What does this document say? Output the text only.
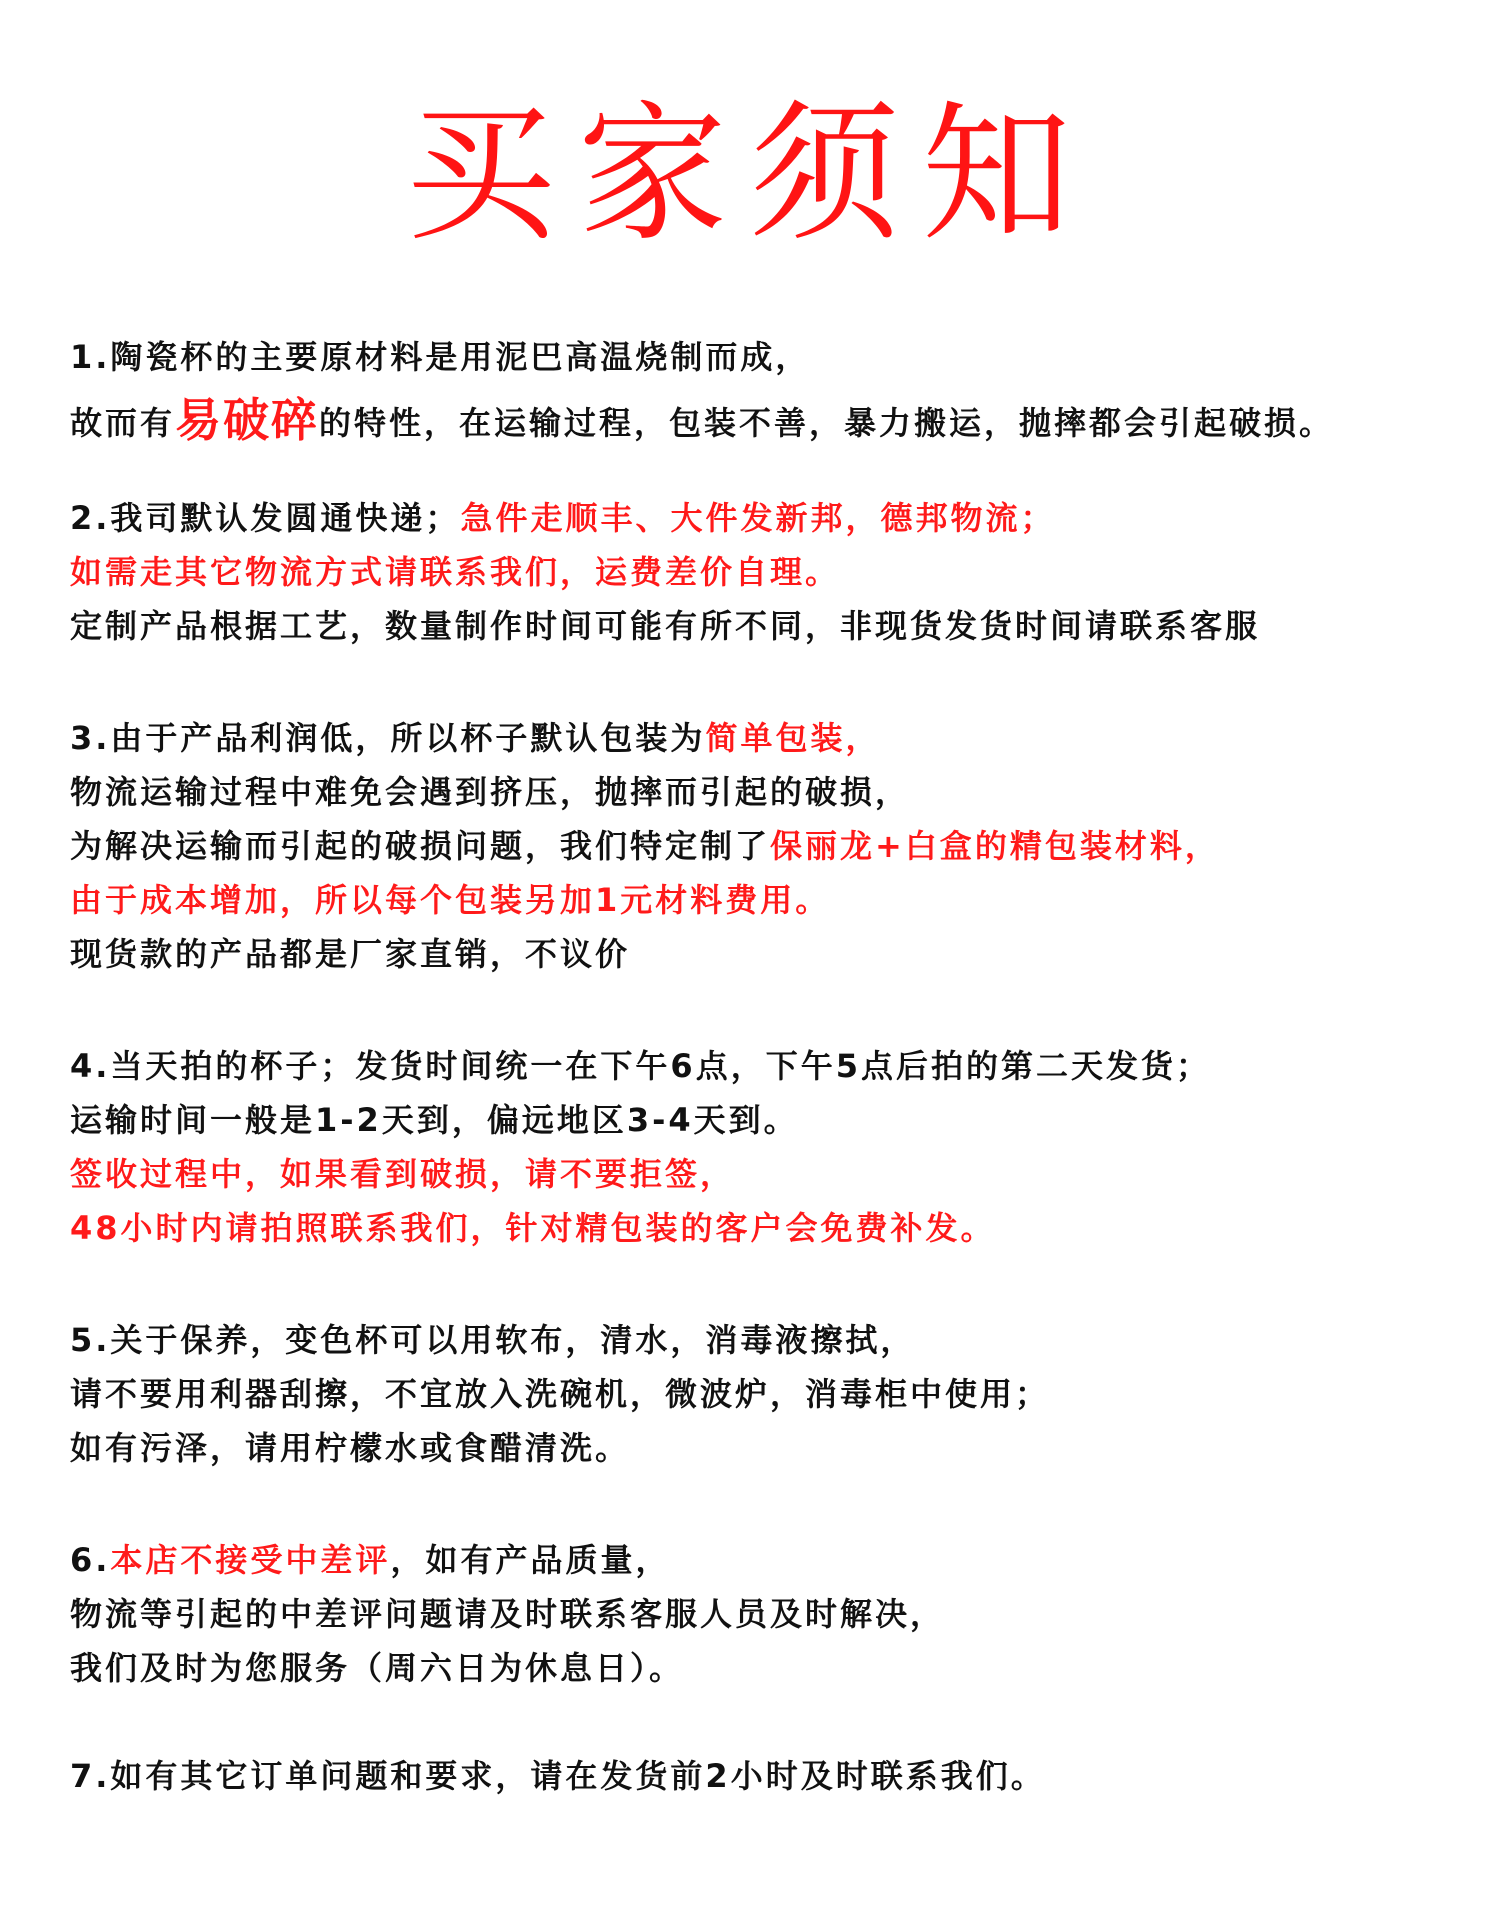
买家须知
1.陶瓷杯的主要原材料是用泥巴高温烧制而成，
故而有易破碎的特性，在运输过程，包装不善，暴力搬运，抛摔都会引起破损。
2.我司默认发圆通快递；急件走顺丰、大件发新邦，德邦物流；
如需走其它物流方式请联系我们，运费差价自理。
定制产品根据工艺，数量制作时间可能有所不同，非现货发货时间请联系客服
3.由于产品利润低，所以杯子默认包装为简单包装，
物流运输过程中难免会遇到挤压，抛摔而引起的破损，
为解决运输而引起的破损问题，我们特定制了保丽龙+白盒的精包装材料，
由于成本增加，所以每个包装另加1元材料费用。
现货款的产品都是厂家直销，不议价
4.当天拍的杯子；发货时间统一在下午6点，下午5点后拍的第二天发货；
运输时间一般是1-2天到，偏远地区3-4天到。
签收过程中，如果看到破损，请不要拒签，
48小时内请拍照联系我们，针对精包装的客户会免费补发。
5.关于保养，变色杯可以用软布，清水，消毒液擦拭，
请不要用利器刮擦，不宜放入洗碗机，微波炉，消毒柜中使用；
如有污泽，请用柠檬水或食醋清洗。
6.本店不接受中差评，如有产品质量，
物流等引起的中差评问题请及时联系客服人员及时解决，
我们及时为您服务（周六日为休息日）。
7.如有其它订单问题和要求，请在发货前2小时及时联系我们。
